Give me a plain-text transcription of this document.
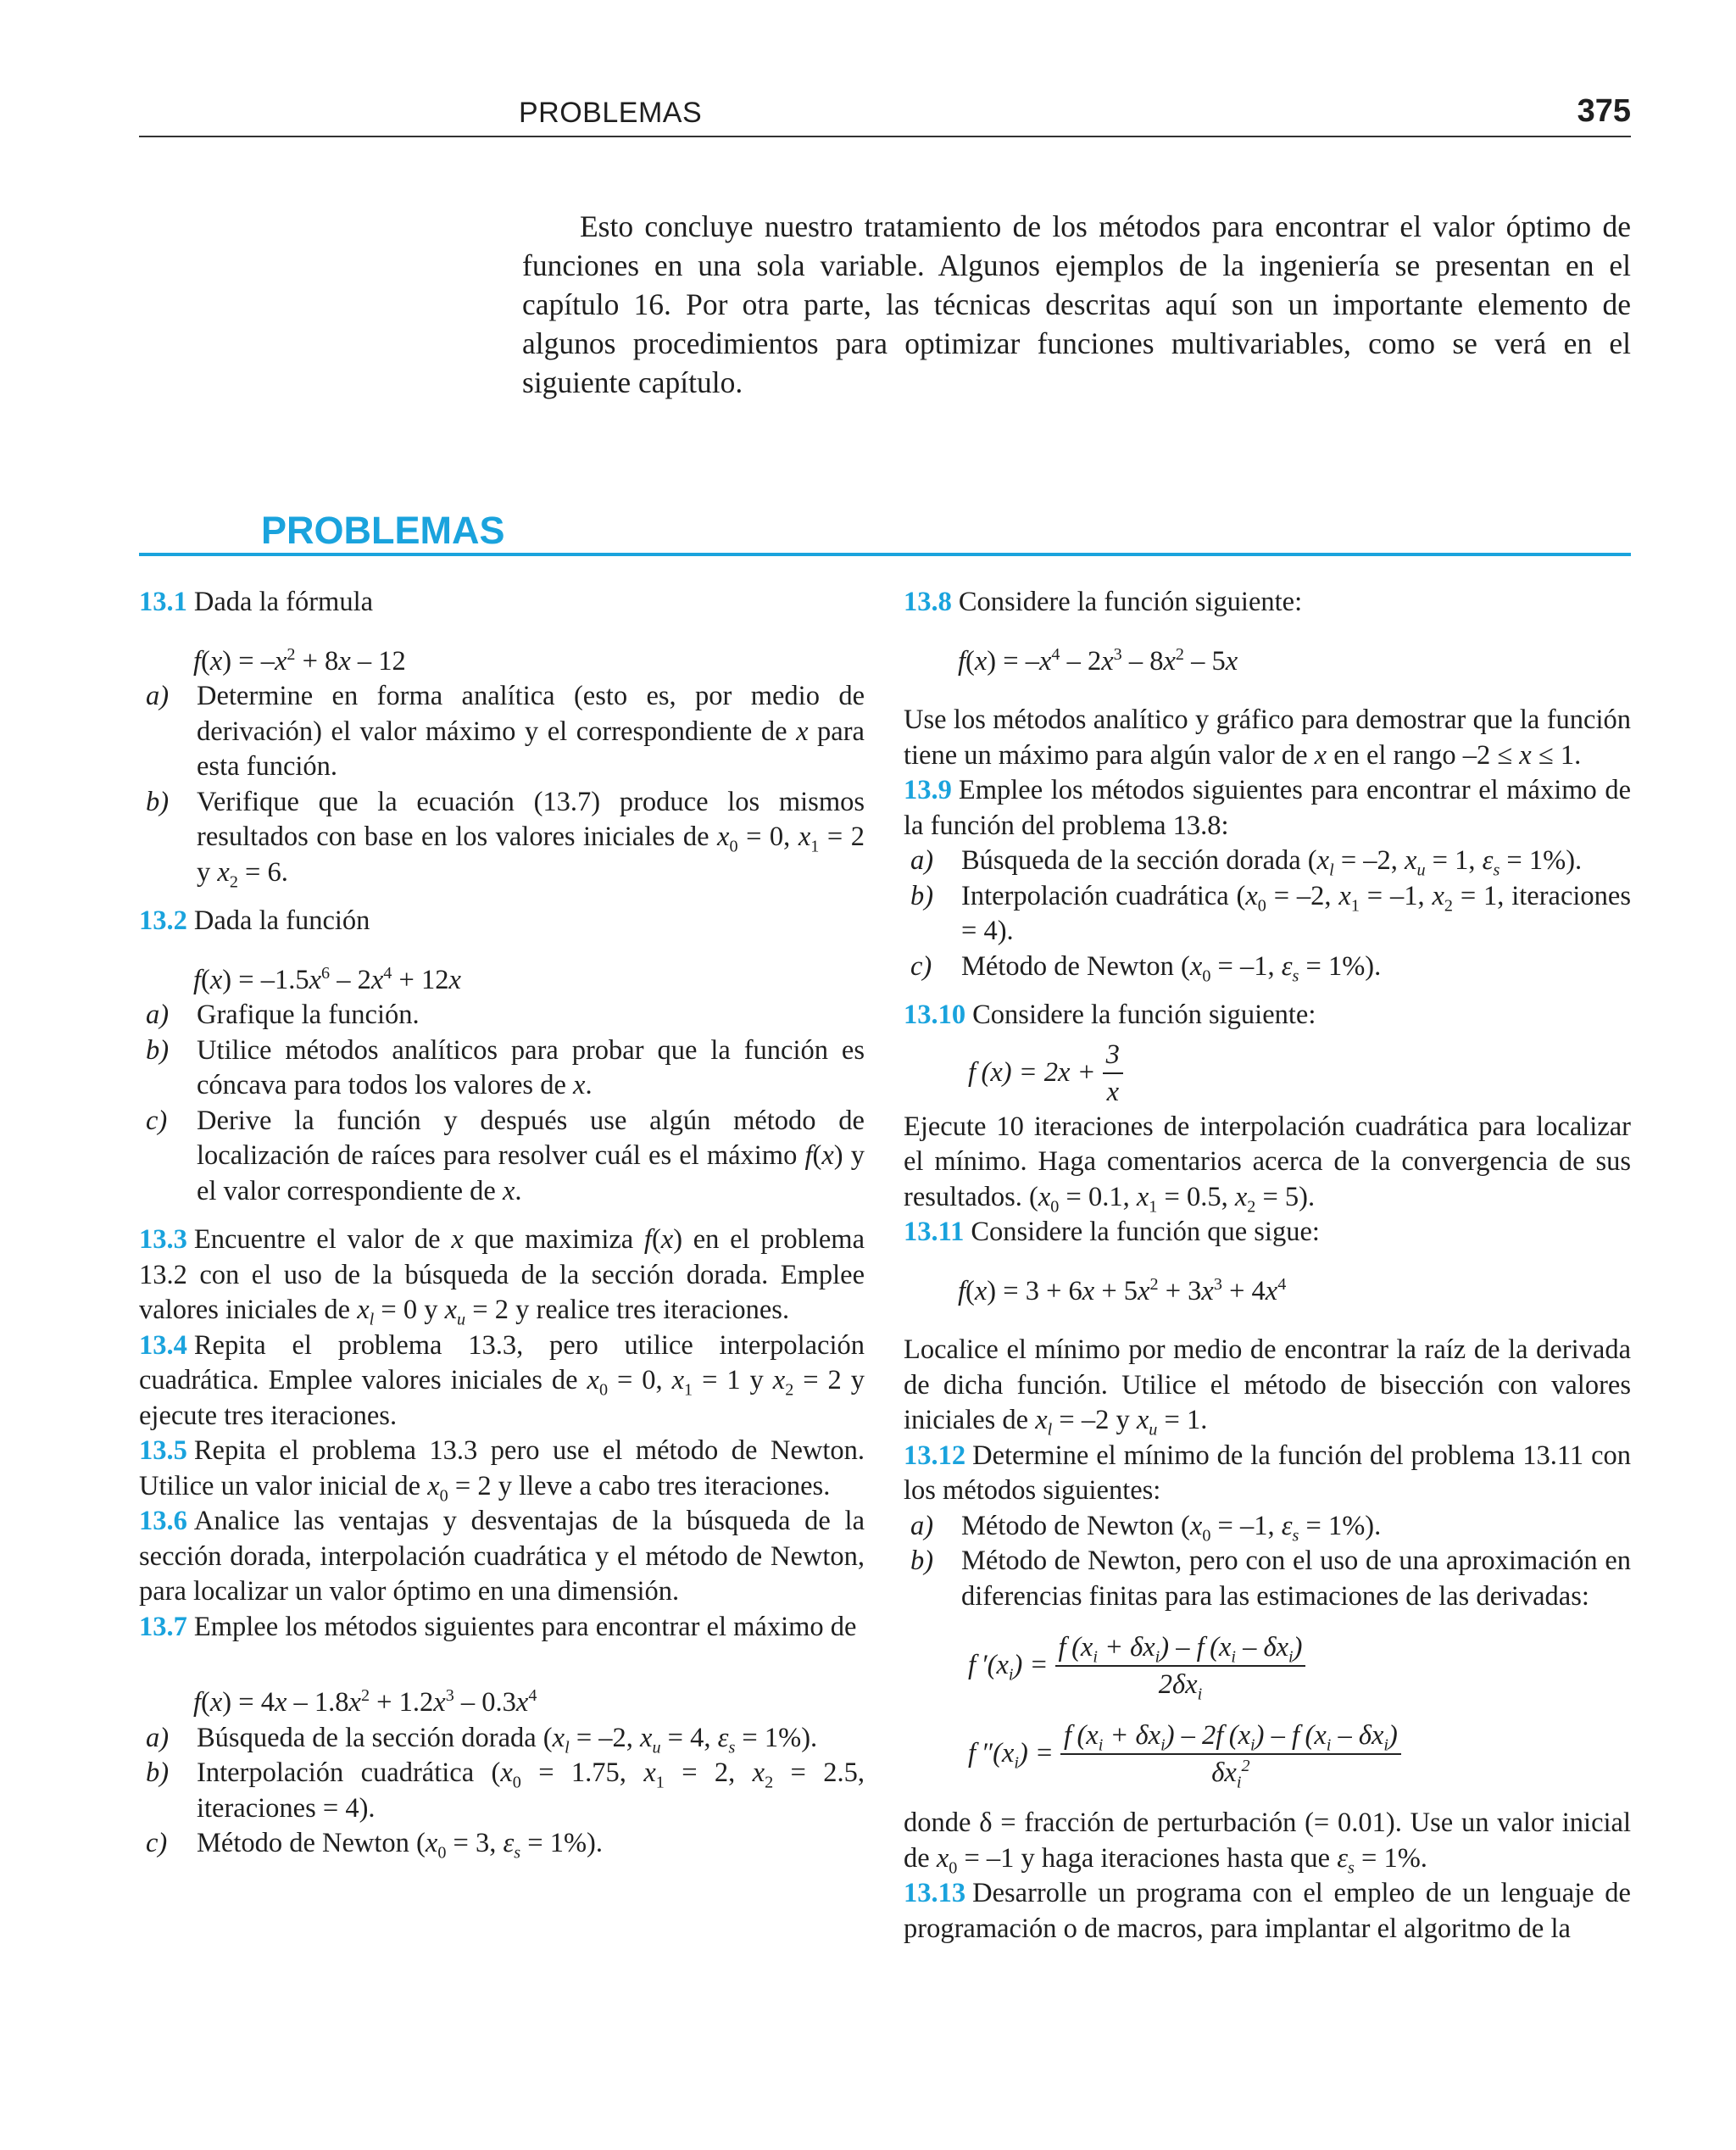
PROBLEMAS	375

Esto concluye nuestro tratamiento de los métodos para encontrar el valor óptimo de funciones en una sola variable. Algunos ejemplos de la ingeniería se presentan en el capítulo 16. Por otra parte, las técnicas descritas aquí son un importante elemento de algunos procedimientos para optimizar funciones multivariables, como se verá en el siguiente capítulo.

PROBLEMAS

13.1 Dada la fórmula

$f(x) = -x^2 + 8x - 12$

a) Determine en forma analítica (esto es, por medio de derivación) el valor máximo y el correspondiente de x para esta función.

b) Verifique que la ecuación (13.7) produce los mismos resultados con base en los valores iniciales de $x_0 = 0$, $x_1 = 2$ y $x_2 = 6$.

13.2 Dada la función

$f(x) = -1.5x^6 - 2x^4 + 12x$

a) Grafique la función.

b) Utilice métodos analíticos para probar que la función es cóncava para todos los valores de x.

c) Derive la función y después use algún método de localización de raíces para resolver cuál es el máximo f(x) y el valor correspondiente de x.

13.3 Encuentre el valor de x que maximiza f(x) en el problema 13.2 con el uso de la búsqueda de la sección dorada. Emplee valores iniciales de $x_l = 0$ y $x_u = 2$ y realice tres iteraciones.

13.4 Repita el problema 13.3, pero utilice interpolación cuadrática. Emplee valores iniciales de $x_0 = 0$, $x_1 = 1$ y $x_2 = 2$ y ejecute tres iteraciones.

13.5 Repita el problema 13.3 pero use el método de Newton. Utilice un valor inicial de $x_0 = 2$ y lleve a cabo tres iteraciones.

13.6 Analice las ventajas y desventajas de la búsqueda de la sección dorada, interpolación cuadrática y el método de Newton, para localizar un valor óptimo en una dimensión.

13.7 Emplee los métodos siguientes para encontrar el máximo de

$f(x) = 4x - 1.8x^2 + 1.2x^3 - 0.3x^4$

a) Búsqueda de la sección dorada ($x_l = -2$, $x_u = 4$, $\varepsilon_s = 1\%$).

b) Interpolación cuadrática ($x_0 = 1.75$, $x_1 = 2$, $x_2 = 2.5$, iteraciones = 4).

c) Método de Newton ($x_0 = 3$, $\varepsilon_s = 1\%$).

13.8 Considere la función siguiente:

$f(x) = -x^4 - 2x^3 - 8x^2 - 5x$

Use los métodos analítico y gráfico para demostrar que la función tiene un máximo para algún valor de x en el rango –2 ≤ x ≤ 1.

13.9 Emplee los métodos siguientes para encontrar el máximo de la función del problema 13.8:

a) Búsqueda de la sección dorada ($x_l = -2$, $x_u = 1$, $\varepsilon_s = 1\%$).

b) Interpolación cuadrática ($x_0 = -2$, $x_1 = -1$, $x_2 = 1$, iteraciones = 4).

c) Método de Newton ($x_0 = -1$, $\varepsilon_s = 1\%$).

13.10 Considere la función siguiente:

f $(x) = 2x + \frac{3}{x}$

Ejecute 10 iteraciones de interpolación cuadrática para localizar el mínimo. Haga comentarios acerca de la convergencia de sus resultados. ($x_0 = 0.1$, $x_1 = 0.5$, $x_2 = 5$).

13.11 Considere la función que sigue:

$f(x) = 3 + 6x + 5x^2 + 3x^3 + 4x^4$

Localice el mínimo por medio de encontrar la raíz de la derivada de dicha función. Utilice el método de bisección con valores iniciales de $x_l = -2$ y $x_u = 1$.

13.12 Determine el mínimo de la función del problema 13.11 con los métodos siguientes:

a) Método de Newton ($x_0 = -1$, $\varepsilon_s = 1\%$).

b) Método de Newton, pero con el uso de una aproximación en diferencias finitas para las estimaciones de las derivadas:

f $'(x_i) = \frac{f (x_i + \delta x_i) - f (x_i - \delta x_i)}{2\delta x_i}$

f $''(x_i) = \frac{f (x_i + \delta x_i) - 2f (x_i) - f (x_i - \delta x_i)}{\delta x_i^2}$

donde δ = fracción de perturbación (= 0.01). Use un valor inicial de $x_0 = -1$ y haga iteraciones hasta que $\varepsilon_s = 1\%$.

13.13 Desarrolle un programa con el empleo de un lenguaje de programación o de macros, para implantar el algoritmo de la
